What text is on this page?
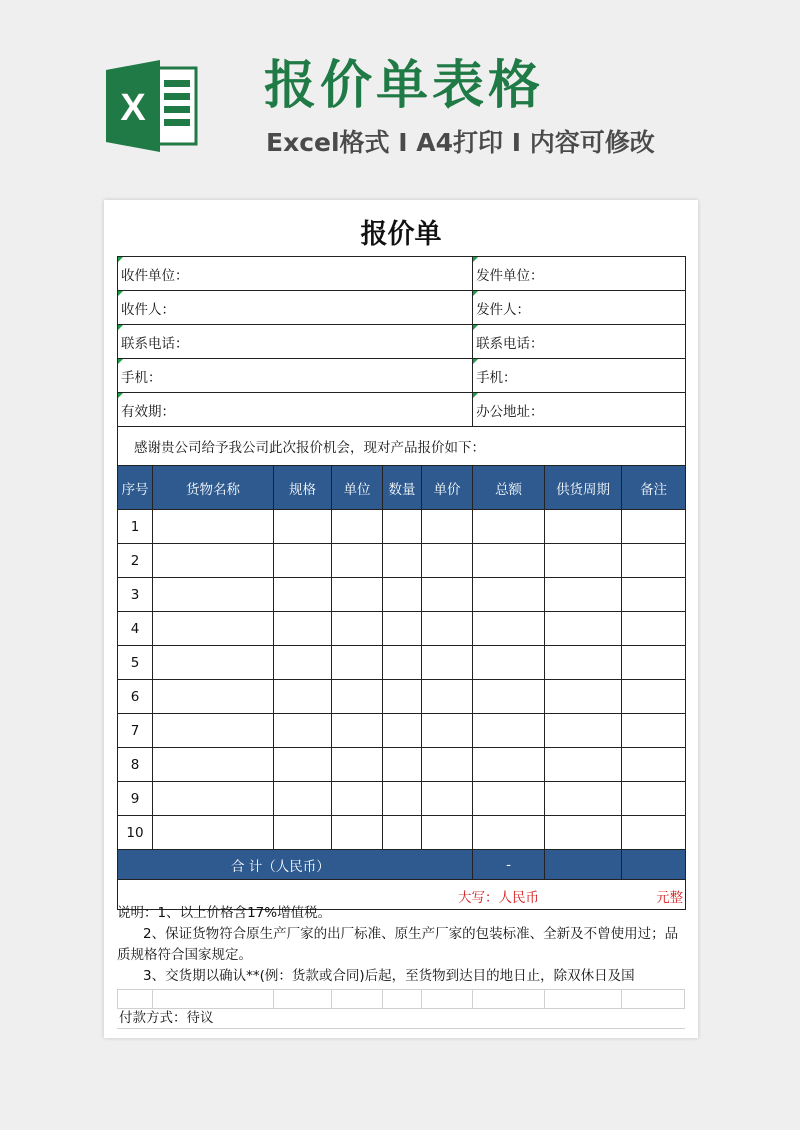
X 报价单表格
Excel格式 I A4打印 I 内容可修改
报价单
收件单位：						发件单位：		
收件人：						发件人：		
联系电话：						联系电话：		
手机：						手机：		
有效期：						办公地址：		
感谢贵公司给予我公司此次报价机会，现对产品报价如下：								
序号	货物名称	规格	单位	数量	单价	总额	供货周期	备注
1								
2								
3								
4								
5								
6								
7								
8								
9								
10								
合 计（人民币）						-		

大写：人民币 元整								

说明：1、以上价格含17%增值税。

2、保证货物符合原生产厂家的出厂标准、原生产厂家的包装标准、全新及不曾使用过；品质规格符合国家规定。

3、交货期以确认**(例：货款或合同)后起，至货物到达目的地日止，除双休日及国

付款方式：待议
